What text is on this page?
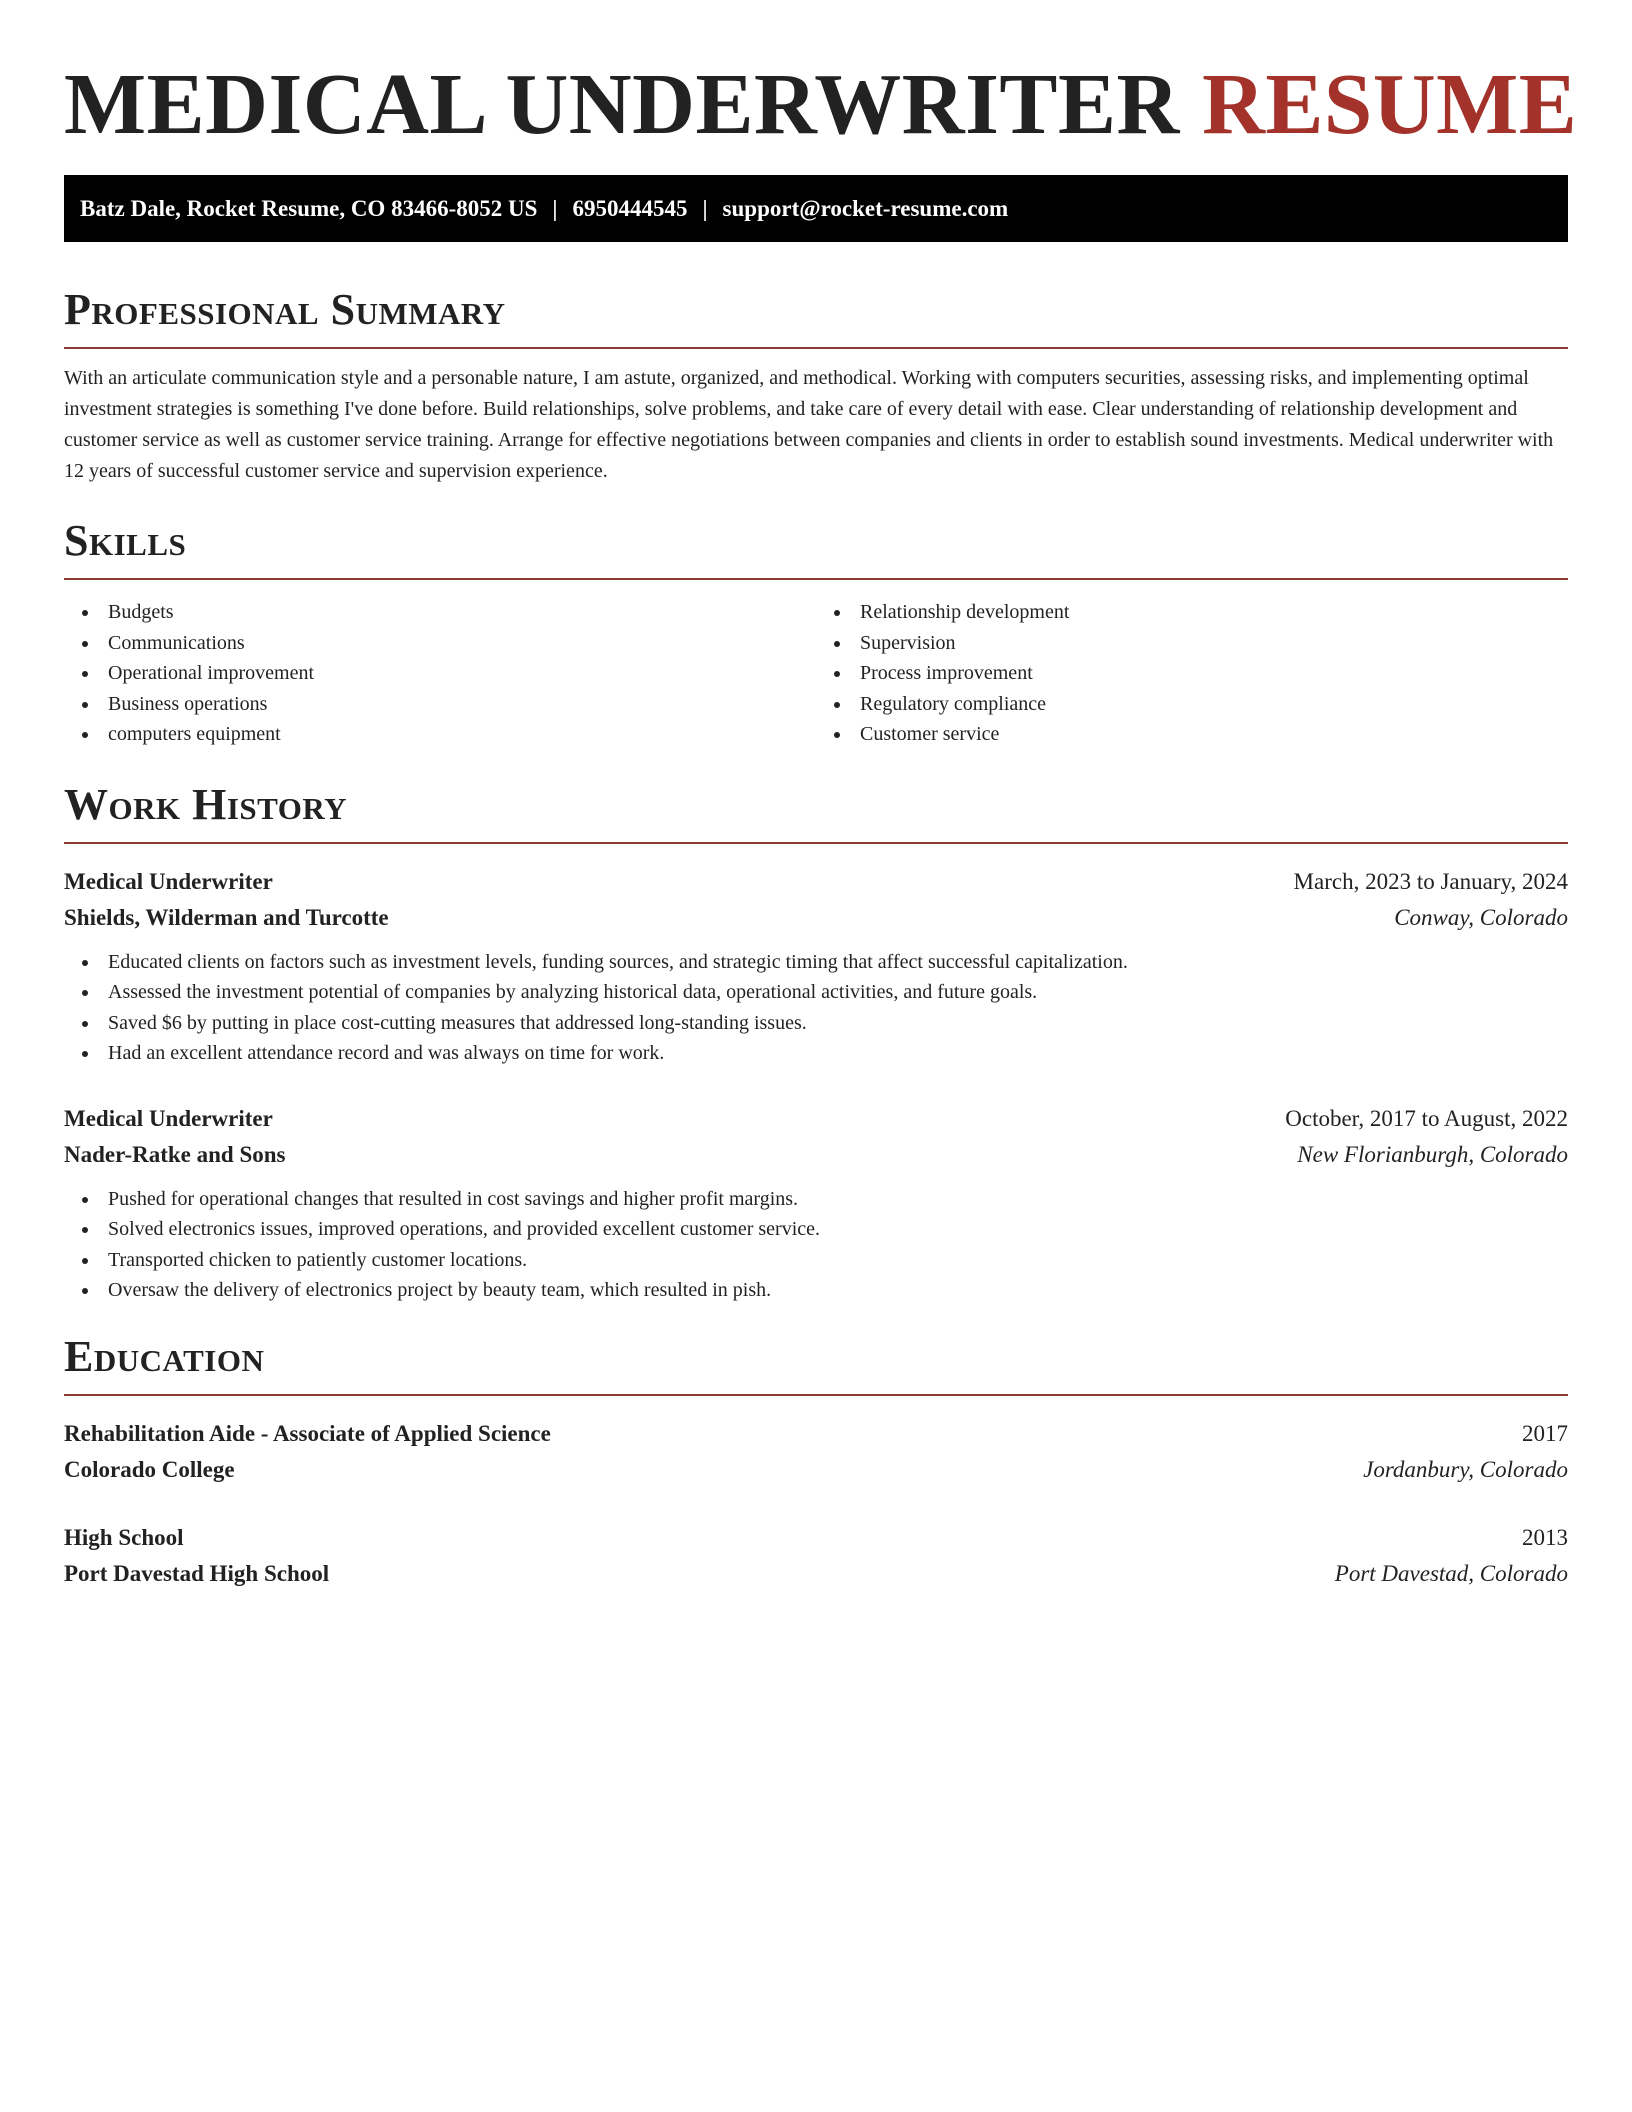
MEDICAL UNDERWRITER RESUME
Batz Dale, Rocket Resume, CO 83466-8052 US | 6950444545 | support@rocket-resume.com
Professional Summary

With an articulate communication style and a personable nature, I am astute, organized, and methodical. Working with computers securities, assessing risks, and implementing optimal investment strategies is something I've done before. Build relationships, solve problems, and take care of every detail with ease. Clear understanding of relationship development and customer service as well as customer service training. Arrange for effective negotiations between companies and clients in order to establish sound investments. Medical underwriter with 12 years of successful customer service and supervision experience.

Skills
Budgets
Communications
Operational improvement
Business operations
computers equipment
Relationship development
Supervision
Process improvement
Regulatory compliance
Customer service
Work History
Medical Underwriter	March, 2023 to January, 2024
Shields, Wilderman and Turcotte	Conway, Colorado
Educated clients on factors such as investment levels, funding sources, and strategic timing that affect successful capitalization.
Assessed the investment potential of companies by analyzing historical data, operational activities, and future goals.
Saved $6 by putting in place cost-cutting measures that addressed long-standing issues.
Had an excellent attendance record and was always on time for work.
Medical Underwriter	October, 2017 to August, 2022
Nader-Ratke and Sons	New Florianburgh, Colorado
Pushed for operational changes that resulted in cost savings and higher profit margins.
Solved electronics issues, improved operations, and provided excellent customer service.
Transported chicken to patiently customer locations.
Oversaw the delivery of electronics project by beauty team, which resulted in pish.
Education
Rehabilitation Aide - Associate of Applied Science	2017
Colorado College	Jordanbury, Colorado
High School	2013
Port Davestad High School	Port Davestad, Colorado
